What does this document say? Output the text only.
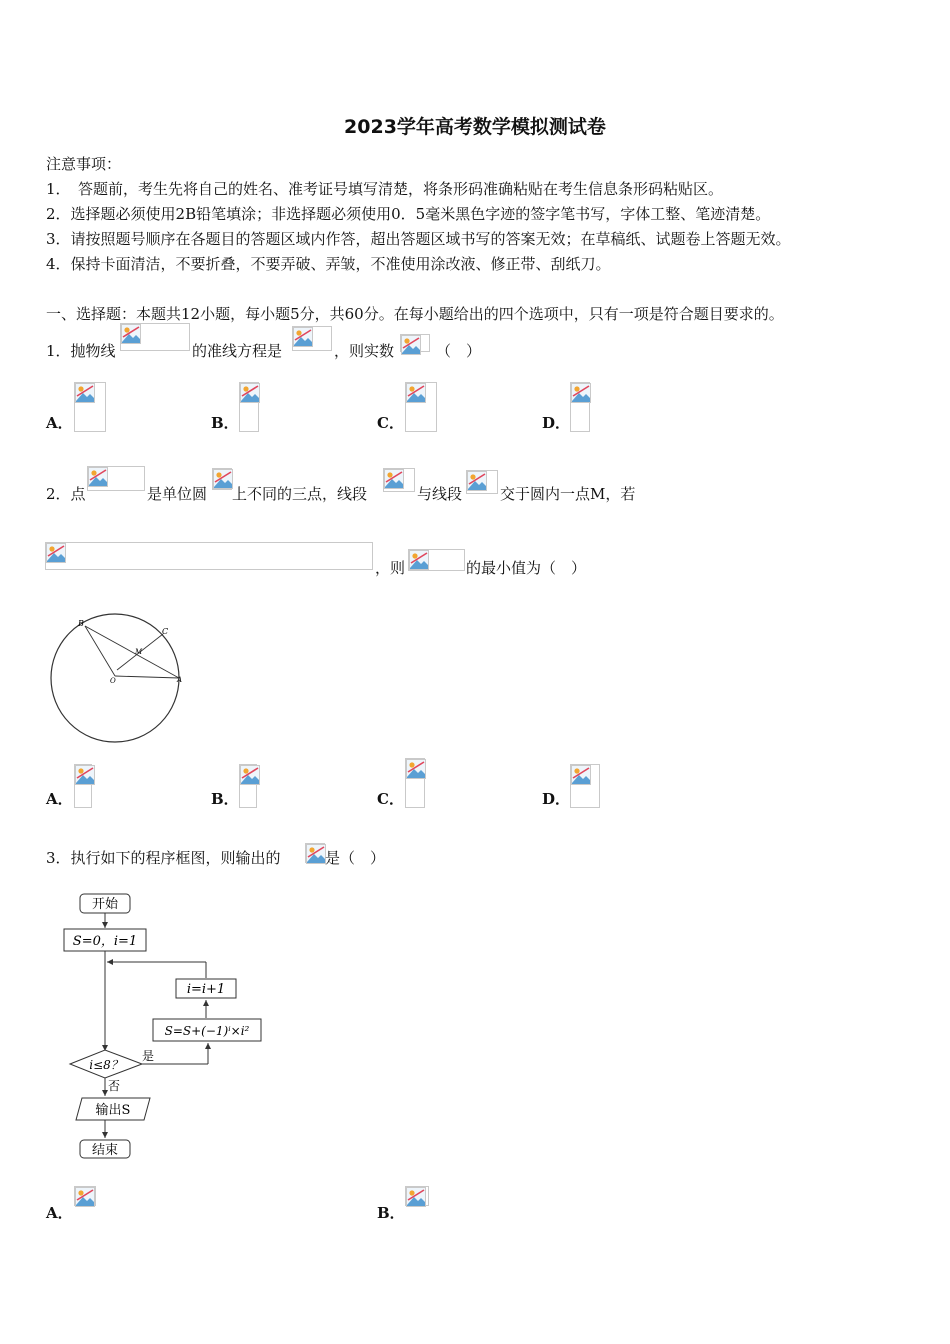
2023学年高考数学模拟测试卷
注意事项：
1．　答题前，考生先将自己的姓名、准考证号填写清楚，将条形码准确粘贴在考生信息条形码粘贴区。
2．选择题必须使用2B铅笔填涂；非选择题必须使用0．5毫米黑色字迹的签字笔书写，字体工整、笔迹清楚。
3．请按照题号顺序在各题目的答题区域内作答，超出答题区域书写的答案无效；在草稿纸、试题卷上答题无效。
4．保持卡面清洁，不要折叠，不要弄破、弄皱，不准使用涂改液、修正带、刮纸刀。
一、选择题：本题共12小题，每小题5分，共60分。在每小题给出的四个选项中，只有一项是符合题目要求的。
1．抛物线	的准线方程是	，则实数	（　）
A．	B．	C．	D．
2．点	是单位圆 上不同的三点，线段	与线段	交于圆内一点M，若
，则	的最小值为（　）
B
C
M
O	A
A．	B．	C．	D．
3．执行如下的程序框图，则输出的	是（　）
开始
S=0，i=1
i=i+1
S=S+(−1)ⁱ×i²
i≤8？
是
否
输出S
结束
A．	B．
